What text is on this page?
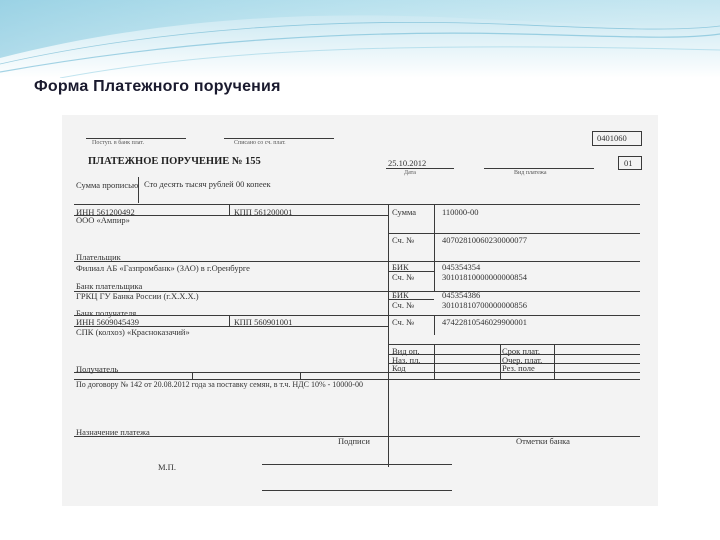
Форма Платежного поручения
Поступ. в банк плат.	Списано со сч. плат.	0401060
ПЛАТЕЖНОЕ ПОРУЧЕНИЕ № 155	25.10.2012
Дата	Вид платежа
01
Сумма прописью Сто десять тысяч рублей 00 копеек
ИНН 561200492	КПП 561200001
ООО «Ампир»
Сумма	110000-00
Сч. №	40702810060230000077
Плательщик
Филиал АБ «Газпромбанк» (ЗАО) в г.Оренбурге	БИК	045354354
Сч. №	30101810000000000854
Банк плательщика
ГРКЦ ГУ Банка России (г.Х.Х.Х.)	БИК	045354386
Сч. №	30101810700000000856
Банк получателя
ИНН 5609045439	КПП 560901001
СПК (колхоз) «Красноказачий»
Сч. №	47422810546029900001
Вид оп.	Срок плат.
Наз. пл.	Очер. плат.
Код	Рез. поле
Получатель
По договору № 142 от 20.08.2012 года за поставку семян, в т.ч. НДС 10% - 10000-00
Назначение платежа
Подписи	Отметки банка
М.П.
